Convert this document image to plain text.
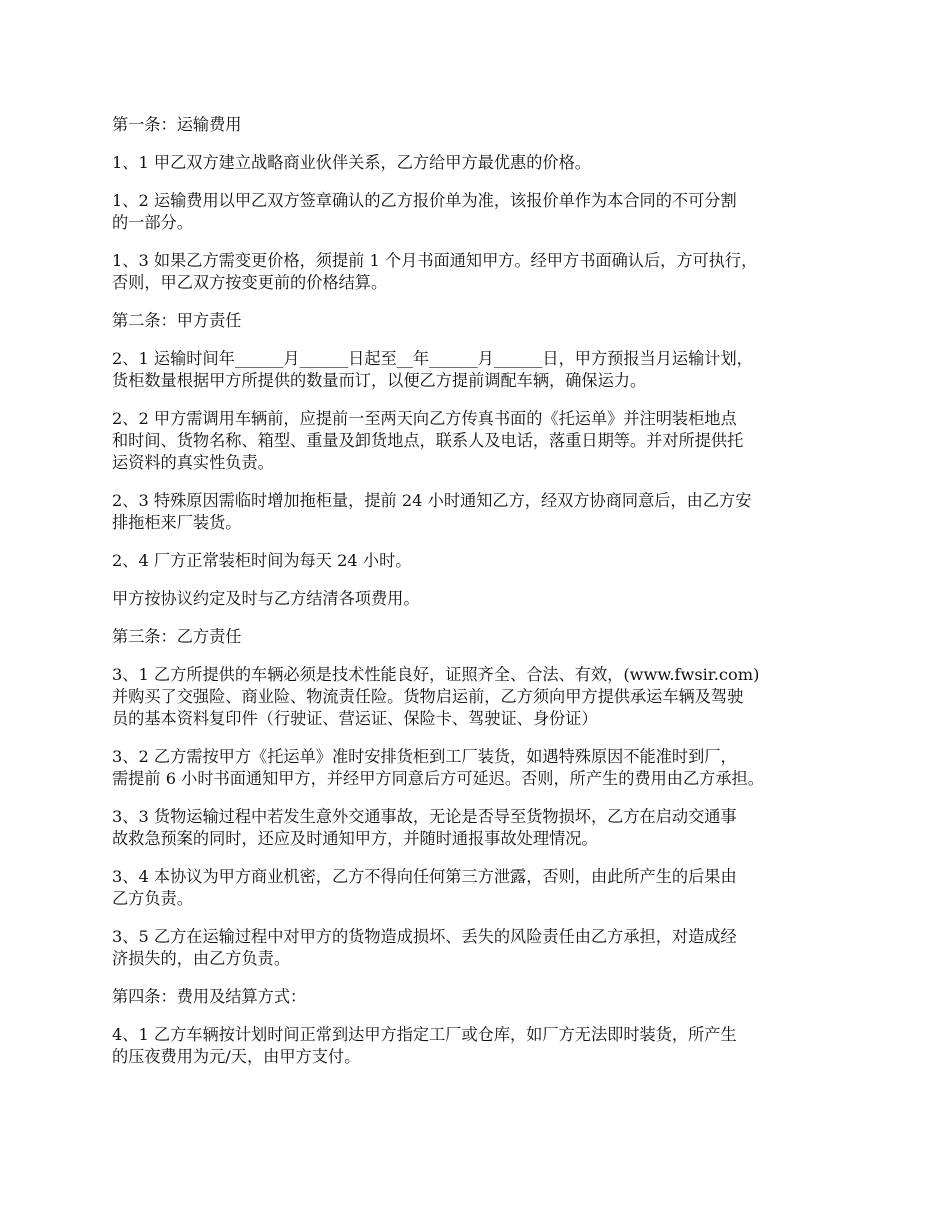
第一条：运输费用

1、1 甲乙双方建立战略商业伙伴关系，乙方给甲方最优惠的价格。

1、2 运输费用以甲乙双方签章确认的乙方报价单为准，该报价单作为本合同的不可分割
的一部分。

1、3 如果乙方需变更价格，须提前 1 个月书面通知甲方。经甲方书面确认后，方可执行，
否则，甲乙双方按变更前的价格结算。

第二条：甲方责任

2、1 运输时间年______月______日起至__年______月______日，甲方预报当月运输计划，
货柜数量根据甲方所提供的数量而订，以便乙方提前调配车辆，确保运力。

2、2 甲方需调用车辆前，应提前一至两天向乙方传真书面的《托运单》并注明装柜地点
和时间、货物名称、箱型、重量及卸货地点，联系人及电话，落重日期等。并对所提供托
运资料的真实性负责。

2、3 特殊原因需临时增加拖柜量，提前 24 小时通知乙方，经双方协商同意后，由乙方安
排拖柜来厂装货。

2、4 厂方正常装柜时间为每天 24 小时。

甲方按协议约定及时与乙方结清各项费用。

第三条：乙方责任

3、1 乙方所提供的车辆必须是技术性能良好，证照齐全、合法、有效，(www.fwsir.com)
并购买了交强险、商业险、物流责任险。货物启运前，乙方须向甲方提供承运车辆及驾驶
员的基本资料复印件（行驶证、营运证、保险卡、驾驶证、身份证）

3、2 乙方需按甲方《托运单》准时安排货柜到工厂装货，如遇特殊原因不能准时到厂，
需提前 6 小时书面通知甲方，并经甲方同意后方可延迟。否则，所产生的费用由乙方承担。

3、3 货物运输过程中若发生意外交通事故，无论是否导至货物损坏，乙方在启动交通事
故救急预案的同时，还应及时通知甲方，并随时通报事故处理情况。

3、4 本协议为甲方商业机密，乙方不得向任何第三方泄露，否则，由此所产生的后果由
乙方负责。

3、5 乙方在运输过程中对甲方的货物造成损坏、丢失的风险责任由乙方承担，对造成经
济损失的，由乙方负责。

第四条：费用及结算方式：

4、1 乙方车辆按计划时间正常到达甲方指定工厂或仓库，如厂方无法即时装货，所产生
的压夜费用为元/天，由甲方支付。
